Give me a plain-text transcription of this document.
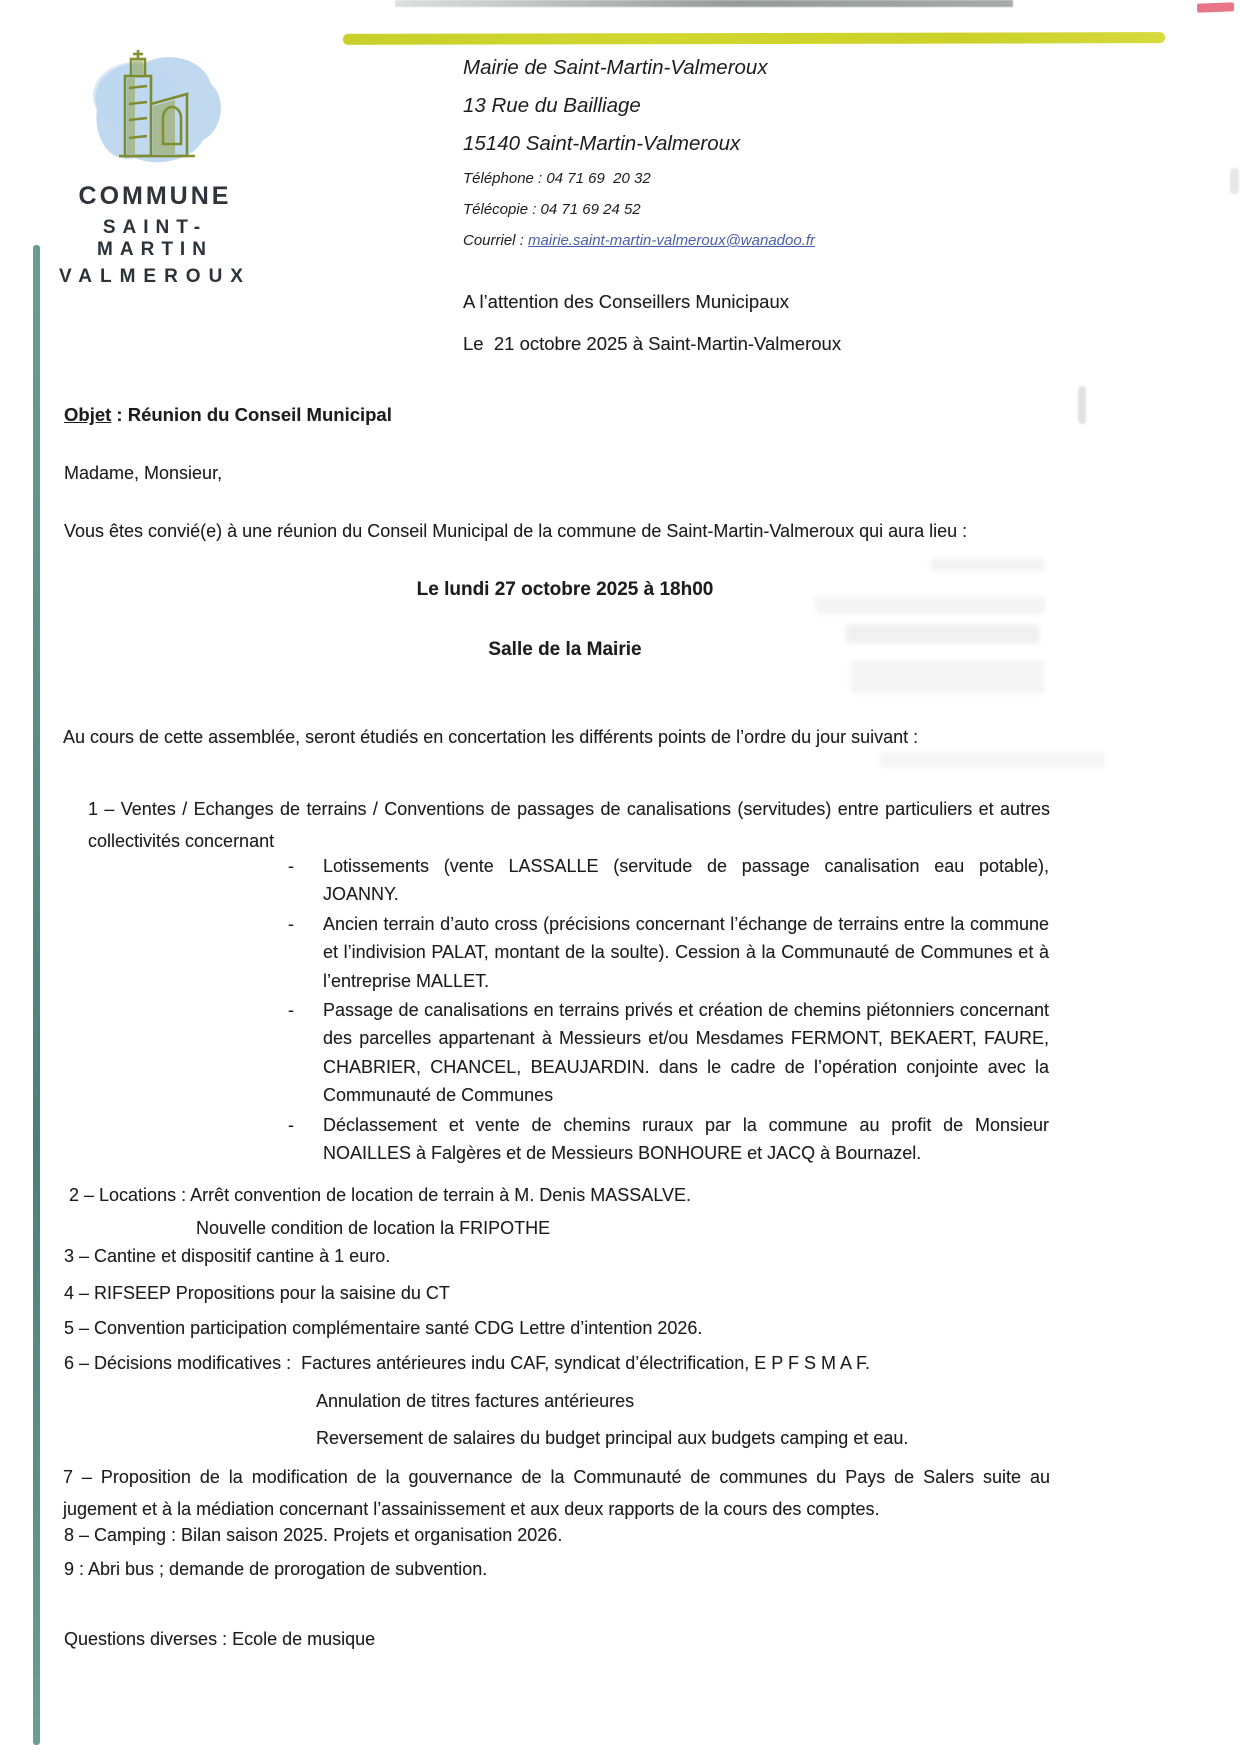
COMMUNE
SAINT-MARTIN
VALMEROUX
Mairie de Saint-Martin-Valmeroux
13 Rue du Bailliage
15140 Saint-Martin-Valmeroux
Téléphone : 04 71 69  20 32
Télécopie : 04 71 69 24 52
Courriel : mairie.saint-martin-valmeroux@wanadoo.fr
A l’attention des Conseillers Municipaux
Le  21 octobre 2025 à Saint-Martin-Valmeroux
Objet : Réunion du Conseil Municipal
Madame, Monsieur,
Vous êtes convié(e) à une réunion du Conseil Municipal de la commune de Saint-Martin-Valmeroux qui aura lieu :
Le lundi 27 octobre 2025 à 18h00
Salle de la Mairie
Au cours de cette assemblée, seront étudiés en concertation les différents points de l’ordre du jour suivant :
1 – Ventes / Echanges de terrains / Conventions de passages de canalisations (servitudes) entre particuliers et autres collectivités concernant
- Lotissements (vente LASSALLE (servitude de passage canalisation eau potable), JOANNY.
- Ancien terrain d’auto cross (précisions concernant l’échange de terrains entre la commune et l’indivision PALAT, montant de la soulte). Cession à la Communauté de Communes et à l’entreprise MALLET.
- Passage de canalisations en terrains privés et création de chemins piétonniers concernant des parcelles appartenant à Messieurs et/ou Mesdames FERMONT, BEKAERT, FAURE, CHABRIER, CHANCEL, BEAUJARDIN. dans le cadre de l’opération conjointe avec la Communauté de Communes
- Déclassement et vente de chemins ruraux par la commune au profit de Monsieur NOAILLES à Falgères et de Messieurs BONHOURE et JACQ à Bournazel.
2 – Locations : Arrêt convention de location de terrain à M. Denis MASSALVE.
Nouvelle condition de location la FRIPOTHE
3 – Cantine et dispositif cantine à 1 euro.
4 – RIFSEEP Propositions pour la saisine du CT
5 – Convention participation complémentaire santé CDG Lettre d’intention 2026.
6 – Décisions modificatives :  Factures antérieures indu CAF, syndicat d’électrification, E P F S M A F.
Annulation de titres factures antérieures
Reversement de salaires du budget principal aux budgets camping et eau.
7 – Proposition de la modification de la gouvernance de la Communauté de communes du Pays de Salers suite au jugement et à la médiation concernant l’assainissement et aux deux rapports de la cours des comptes.
8 – Camping : Bilan saison 2025. Projets et organisation 2026.
9 : Abri bus ; demande de prorogation de subvention.
Questions diverses : Ecole de musique
